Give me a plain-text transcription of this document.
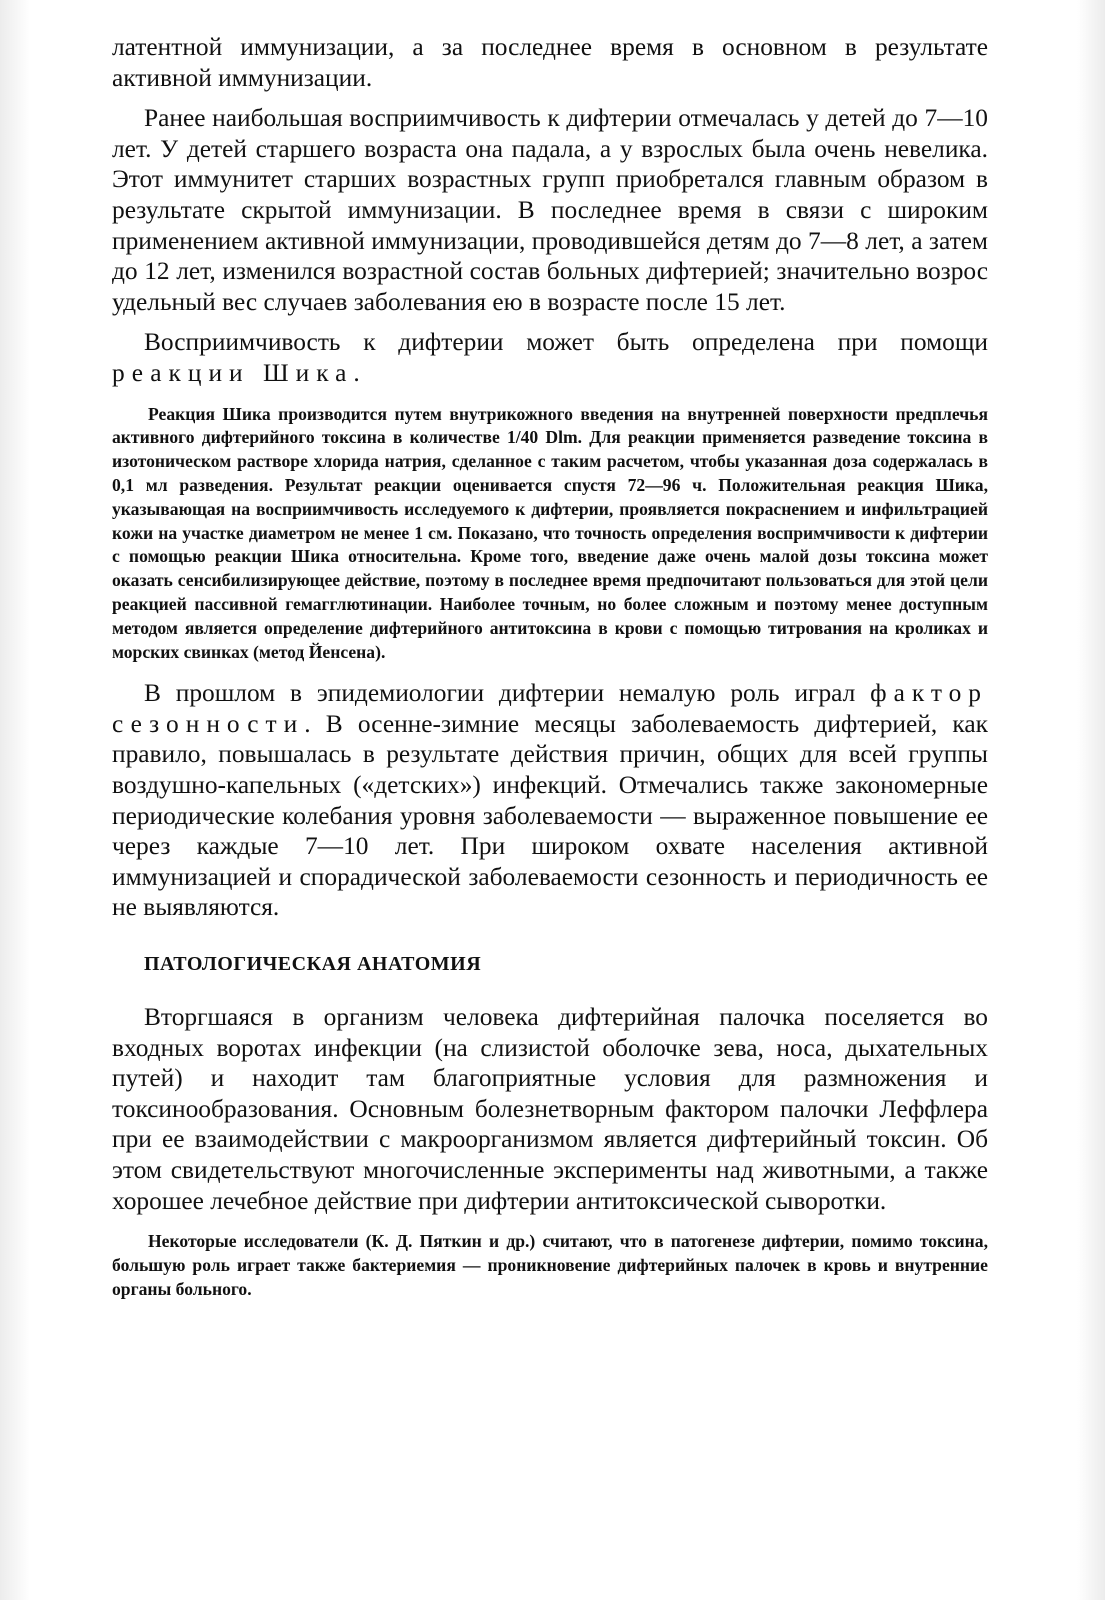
латентной иммунизации, а за последнее время в основном в результате активной иммунизации.

Ранее наибольшая восприимчивость к дифтерии отмечалась у детей до 7—10 лет. У детей старшего возраста она падала, а у взрослых была очень невелика. Этот иммунитет старших возрастных групп приобретался главным образом в результате скрытой иммунизации. В последнее время в связи с широким применением активной иммунизации, проводившейся детям до 7—8 лет, а затем до 12 лет, изменился возрастной состав больных дифтерией; значительно возрос удельный вес случаев заболевания ею в возрасте после 15 лет.

Восприимчивость к дифтерии может быть определена при помощи реакции Шика.

Реакция Шика производится путем внутрикожного введения на внутренней поверхности предплечья активного дифтерийного токсина в количестве 1/40 Dlm. Для реакции применяется разведение токсина в изотоническом растворе хлорида натрия, сделанное с таким расчетом, чтобы указанная доза содержалась в 0,1 мл разведения. Результат реакции оценивается спустя 72—96 ч. Положительная реакция Шика, указывающая на восприимчивость исследуемого к дифтерии, проявляется покраснением и инфильтрацией кожи на участке диаметром не менее 1 см. Показано, что точность определения воспримчивости к дифтерии с помощью реакции Шика относительна. Кроме того, введение даже очень малой дозы токсина может оказать сенсибилизирующее действие, поэтому в последнее время предпочитают пользоваться для этой цели реакцией пассивной гемагглютинации. Наиболее точным, но более сложным и поэтому менее доступным методом является определение дифтерийного антитоксина в крови с помощью титрования на кроликах и морских свинках (метод Йенсена).

В прошлом в эпидемиологии дифтерии немалую роль играл фактор сезонности. В осенне-зимние месяцы заболеваемость дифтерией, как правило, повышалась в результате действия причин, общих для всей группы воздушно-капельных («детских») инфекций. Отмечались также закономерные периодические колебания уровня заболеваемости — выраженное повышение ее через каждые 7—10 лет. При широком охвате населения активной иммунизацией и спорадической заболеваемости сезонность и периодичность ее не выявляются.

ПАТОЛОГИЧЕСКАЯ АНАТОМИЯ

Вторгшаяся в организм человека дифтерийная палочка поселяется во входных воротах инфекции (на слизистой оболочке зева, носа, дыхательных путей) и находит там благоприятные условия для размножения и токсинообразования. Основным болезнетворным фактором палочки Леффлера при ее взаимодействии с макроорганизмом является дифтерийный токсин. Об этом свидетельствуют многочисленные эксперименты над животными, а также хорошее лечебное действие при дифтерии антитоксической сыворотки.

Некоторые исследователи (К. Д. Пяткин и др.) считают, что в патогенезе дифтерии, помимо токсина, большую роль играет также бактериемия — проникновение дифтерийных палочек в кровь и внутренние органы больного.
